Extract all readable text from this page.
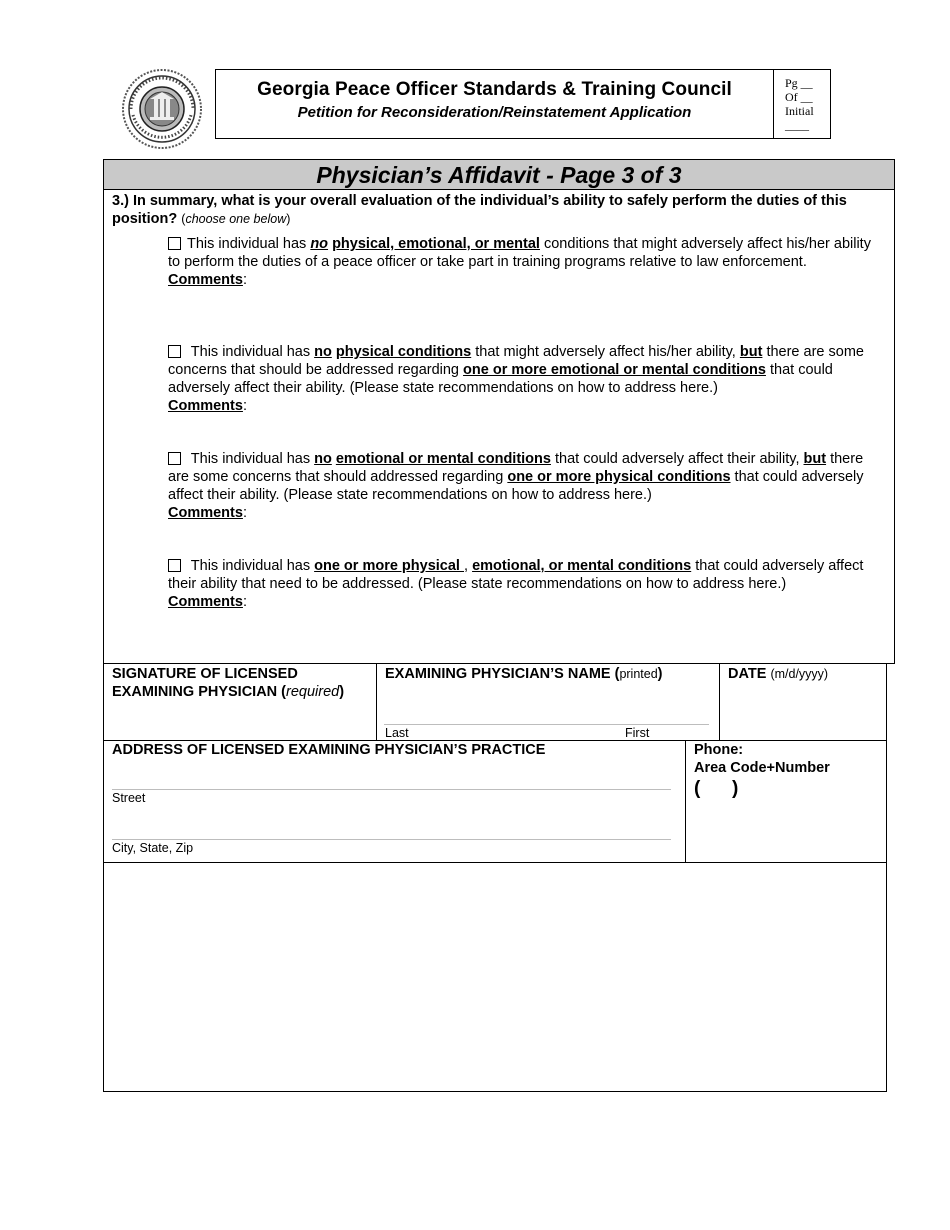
Georgia Peace Officer Standards & Training Council
Petition for Reconsideration/Reinstatement Application
Pg __
Of __
Initial
____
Physician’s Affidavit - Page 3 of 3
3.) In summary, what is your overall evaluation of the individual’s ability to safely perform the duties of this position? (choose one below)
This individual has no physical, emotional, or mental conditions that might adversely affect his/her ability to perform the duties of a peace officer or take part in training programs relative to law enforcement.
Comments:
This individual has no physical conditions that might adversely affect his/her ability, but there are some concerns that should be addressed regarding one or more emotional or mental conditions that could adversely affect their ability. (Please state recommendations on how to address here.)
Comments:
This individual has no emotional or mental conditions that could adversely affect their ability, but there are some concerns that should addressed regarding one or more physical conditions that could adversely affect their ability. (Please state recommendations on how to address here.)
Comments:
This individual has one or more physical , emotional, or mental conditions that could adversely affect their ability that need to be addressed. (Please state recommendations on how to address here.)
Comments:
SIGNATURE OF LICENSED
EXAMINING PHYSICIAN (required)
EXAMINING PHYSICIAN’S NAME (printed)
Last	First
DATE (m/d/yyyy)
ADDRESS OF LICENSED EXAMINING PHYSICIAN’S PRACTICE
Street
City, State, Zip
Phone:
Area Code+Number
(      )
